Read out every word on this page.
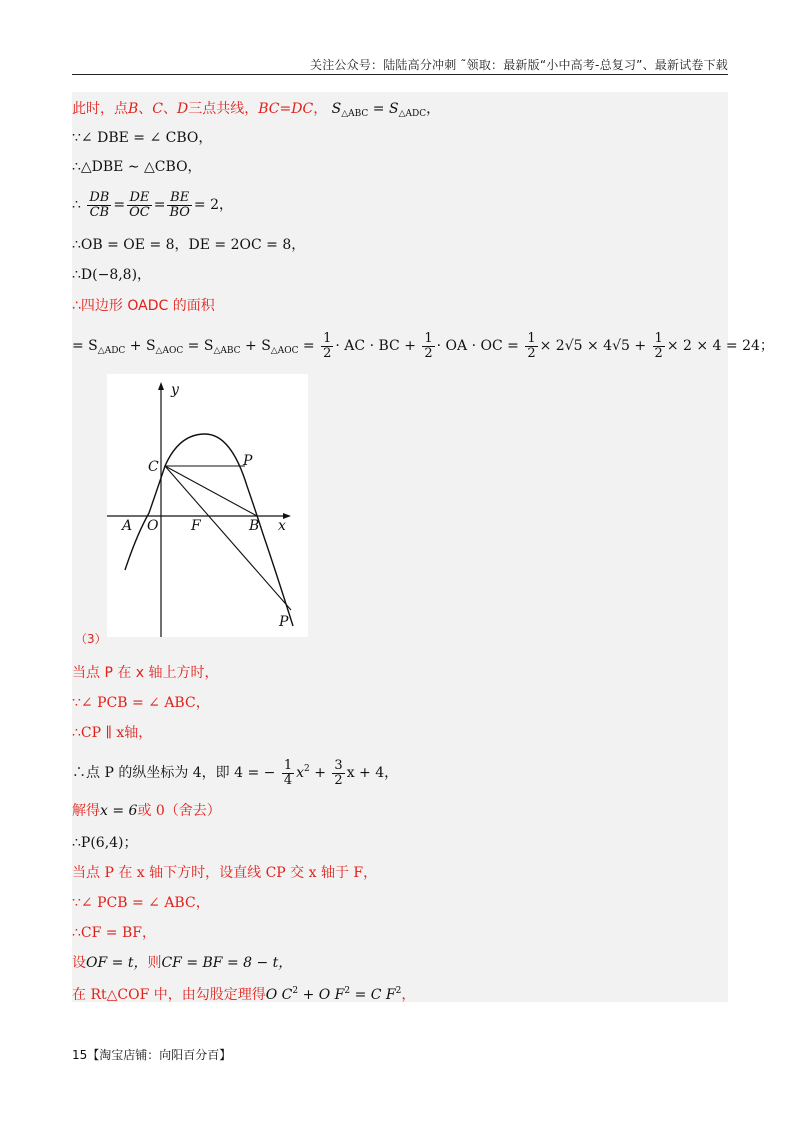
关注公众号：陆陆高分冲刺 ˜领取：最新版“小中高考-总复习”、最新试卷下载
此时，点B、C、D三点共线，BC=DC， $S_{\triangle ABC} = S_{\triangle ADC}$，
∵∠ DBE = ∠ CBO，
∴△DBE ∼ △CBO，
∴ $\frac{DB}{CB} = \frac{DE}{OC} = \frac{BE}{BO} = 2$，
∴OB = OE = 8，DE = 2OC = 8，
∴D(−8,8)，
∴四边形 OADC 的面积
= $S_{\triangle ADC} + S_{\triangle AOC} = S_{\triangle ABC} + S_{\triangle AOC} = \frac{1}{2}$ · AC · BC + $\frac{1}{2}$ · OA · OC = $\frac{1}{2} \times 2√5 \times 4√5 + \frac{1}{2} \times 2 \times 4 = 24$；
y
x
C	P
A O F	B
P
（3）
当点 P 在 x 轴上方时，
∵∠ PCB = ∠ ABC，
∴CP ∥ x轴，
∴点 P 的纵坐标为 4，即 4 = − $\frac{1}{4} x^2 + \frac{3}{2}$ x + 4，
解得x = 6或 0（舍去）
∴P(6,4)；
当点 P 在 x 轴下方时，设直线 CP 交 x 轴于 F，
∵∠ PCB = ∠ ABC，
∴CF = BF，
设OF = t，则CF = BF = 8 − t，
在 Rt△COF 中，由勾股定理得O $C^2 + O$ $F^2 = C$ $F^2$，
15【淘宝店铺：向阳百分百】
